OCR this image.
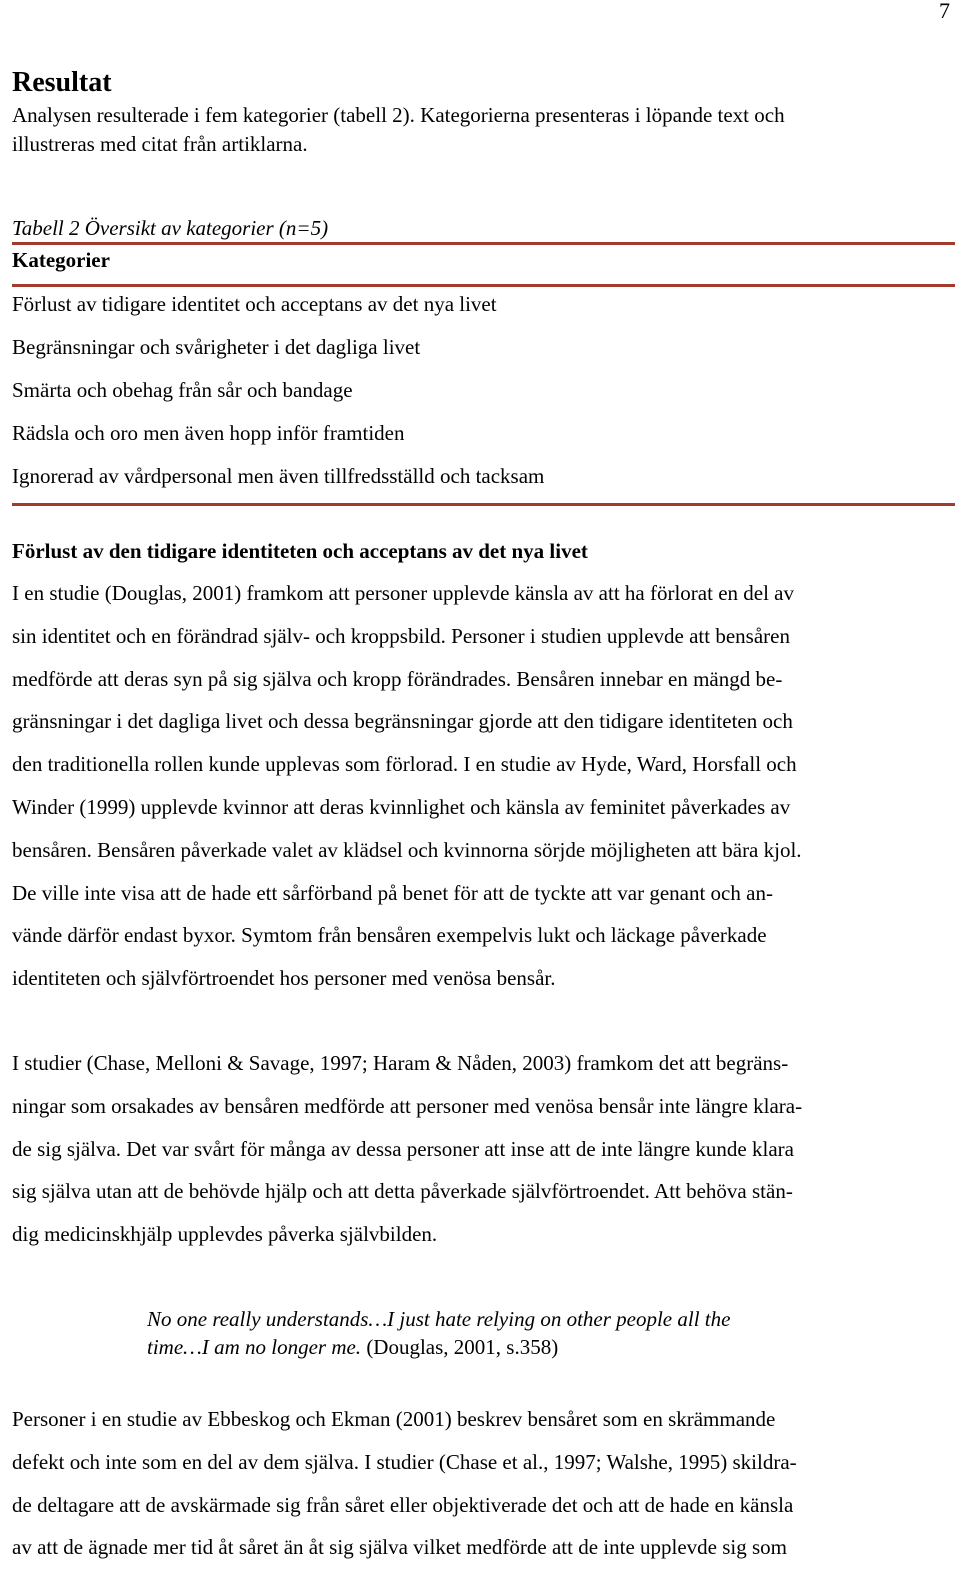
7
Resultat
Analysen resulterade i fem kategorier (tabell 2). Kategorierna presenteras i löpande text och
illustreras med citat från artiklarna.
Tabell 2 Översikt av kategorier (n=5)
Kategorier
Förlust av tidigare identitet och acceptans av det nya livet
Begränsningar och svårigheter i det dagliga livet
Smärta och obehag från sår och bandage
Rädsla och oro men även hopp inför framtiden
Ignorerad av vårdpersonal men även tillfredsställd och tacksam
Förlust av den tidigare identiteten och acceptans av det nya livet
I en studie (Douglas, 2001) framkom att personer upplevde känsla av att ha förlorat en del av
sin identitet och en förändrad själv- och kroppsbild. Personer i studien upplevde att bensåren
medförde att deras syn på sig själva och kropp förändrades. Bensåren innebar en mängd be-
gränsningar i det dagliga livet och dessa begränsningar gjorde att den tidigare identiteten och
den traditionella rollen kunde upplevas som förlorad. I en studie av Hyde, Ward, Horsfall och
Winder (1999) upplevde kvinnor att deras kvinnlighet och känsla av feminitet påverkades av
bensåren. Bensåren påverkade valet av klädsel och kvinnorna sörjde möjligheten att bära kjol.
De ville inte visa att de hade ett sårförband på benet för att de tyckte att var genant och an-
vände därför endast byxor. Symtom från bensåren exempelvis lukt och läckage påverkade
identiteten och självförtroendet hos personer med venösa bensår.
I studier (Chase, Melloni & Savage, 1997; Haram & Nåden, 2003) framkom det att begräns-
ningar som orsakades av bensåren medförde att personer med venösa bensår inte längre klara-
de sig själva. Det var svårt för många av dessa personer att inse att de inte längre kunde klara
sig själva utan att de behövde hjälp och att detta påverkade självförtroendet. Att behöva stän-
dig medicinskhjälp upplevdes påverka självbilden.
No one really understands…I just hate relying on other people all the
time…I am no longer me. (Douglas, 2001, s.358)
Personer i en studie av Ebbeskog och Ekman (2001) beskrev bensåret som en skrämmande
defekt och inte som en del av dem själva. I studier (Chase et al., 1997; Walshe, 1995) skildra-
de deltagare att de avskärmade sig från såret eller objektiverade det och att de hade en känsla
av att de ägnade mer tid åt såret än åt sig själva vilket medförde att de inte upplevde sig som
